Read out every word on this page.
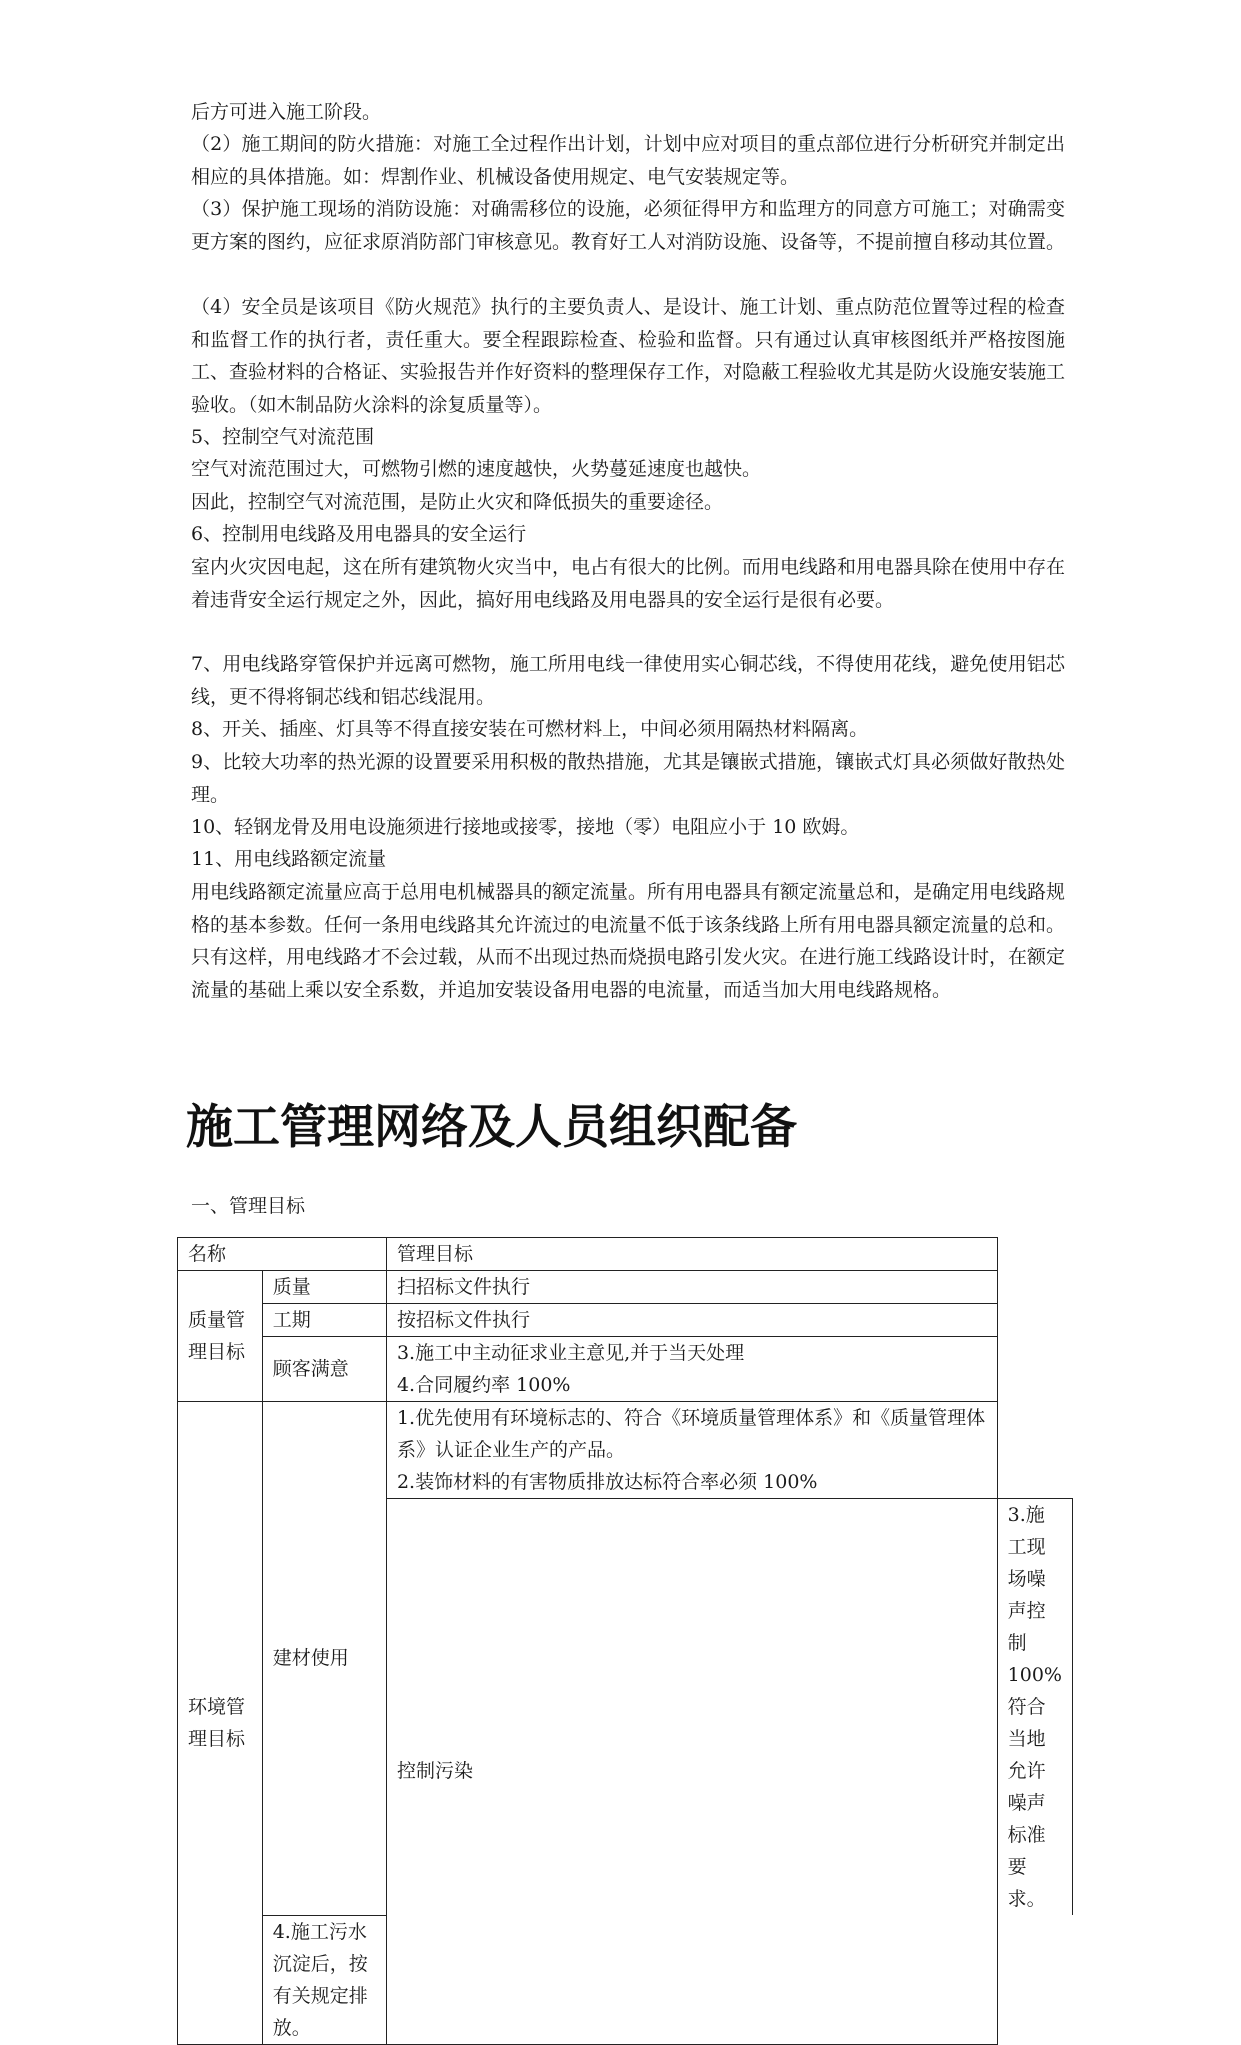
后方可进入施工阶段。

（2）施工期间的防火措施：对施工全过程作出计划，计划中应对项目的重点部位进行分析研究并制定出相应的具体措施。如：焊割作业、机械设备使用规定、电气安装规定等。

（3）保护施工现场的消防设施：对确需移位的设施，必须征得甲方和监理方的同意方可施工；对确需变更方案的图约，应征求原消防部门审核意见。教育好工人对消防设施、设备等，不提前擅自移动其位置。

（4）安全员是该项目《防火规范》执行的主要负责人、是设计、施工计划、重点防范位置等过程的检查和监督工作的执行者，责任重大。要全程跟踪检查、检验和监督。只有通过认真审核图纸并严格按图施工、查验材料的合格证、实验报告并作好资料的整理保存工作，对隐蔽工程验收尤其是防火设施安装施工验收。（如木制品防火涂料的涂复质量等）。

5、控制空气对流范围

空气对流范围过大，可燃物引燃的速度越快，火势蔓延速度也越快。

因此，控制空气对流范围，是防止火灾和降低损失的重要途径。

6、控制用电线路及用电器具的安全运行

室内火灾因电起，这在所有建筑物火灾当中，电占有很大的比例。而用电线路和用电器具除在使用中存在着违背安全运行规定之外，因此，搞好用电线路及用电器具的安全运行是很有必要。

7、用电线路穿管保护并远离可燃物，施工所用电线一律使用实心铜芯线，不得使用花线，避免使用铝芯线，更不得将铜芯线和铝芯线混用。

8、开关、插座、灯具等不得直接安装在可燃材料上，中间必须用隔热材料隔离。

9、比较大功率的热光源的设置要采用积极的散热措施，尤其是镶嵌式措施，镶嵌式灯具必须做好散热处理。

10、轻钢龙骨及用电设施须进行接地或接零，接地（零）电阻应小于 10 欧姆。

11、用电线路额定流量

用电线路额定流量应高于总用电机械器具的额定流量。所有用电器具有额定流量总和，是确定用电线路规格的基本参数。任何一条用电线路其允许流过的电流量不低于该条线路上所有用电器具额定流量的总和。只有这样，用电线路才不会过载，从而不出现过热而烧损电路引发火灾。在进行施工线路设计时，在额定流量的基础上乘以安全系数，并追加安装设备用电器的电流量，而适当加大用电线路规格。

施工管理网络及人员组织配备

一、管理目标

名称		管理目标	
质量管理目标	质量	扫招标文件执行	

	工期	按招标文件执行	

	顾客满意	3.施工中主动征求业主意见,并于当天处理	

		4.合同履约率 100%	

环境管理目标	建材使用	1.优先使用有环境标志的、符合《环境质量管理体系》和《质量管理体系》认证企业生产的产品。	

		2.装饰材料的有害物质排放达标符合率必须 100%	

		控制污染	3.施工现场噪声控制 100%符合当地允许噪声标准要求。

	4.施工污水沉淀后，按有关规定排放。		
